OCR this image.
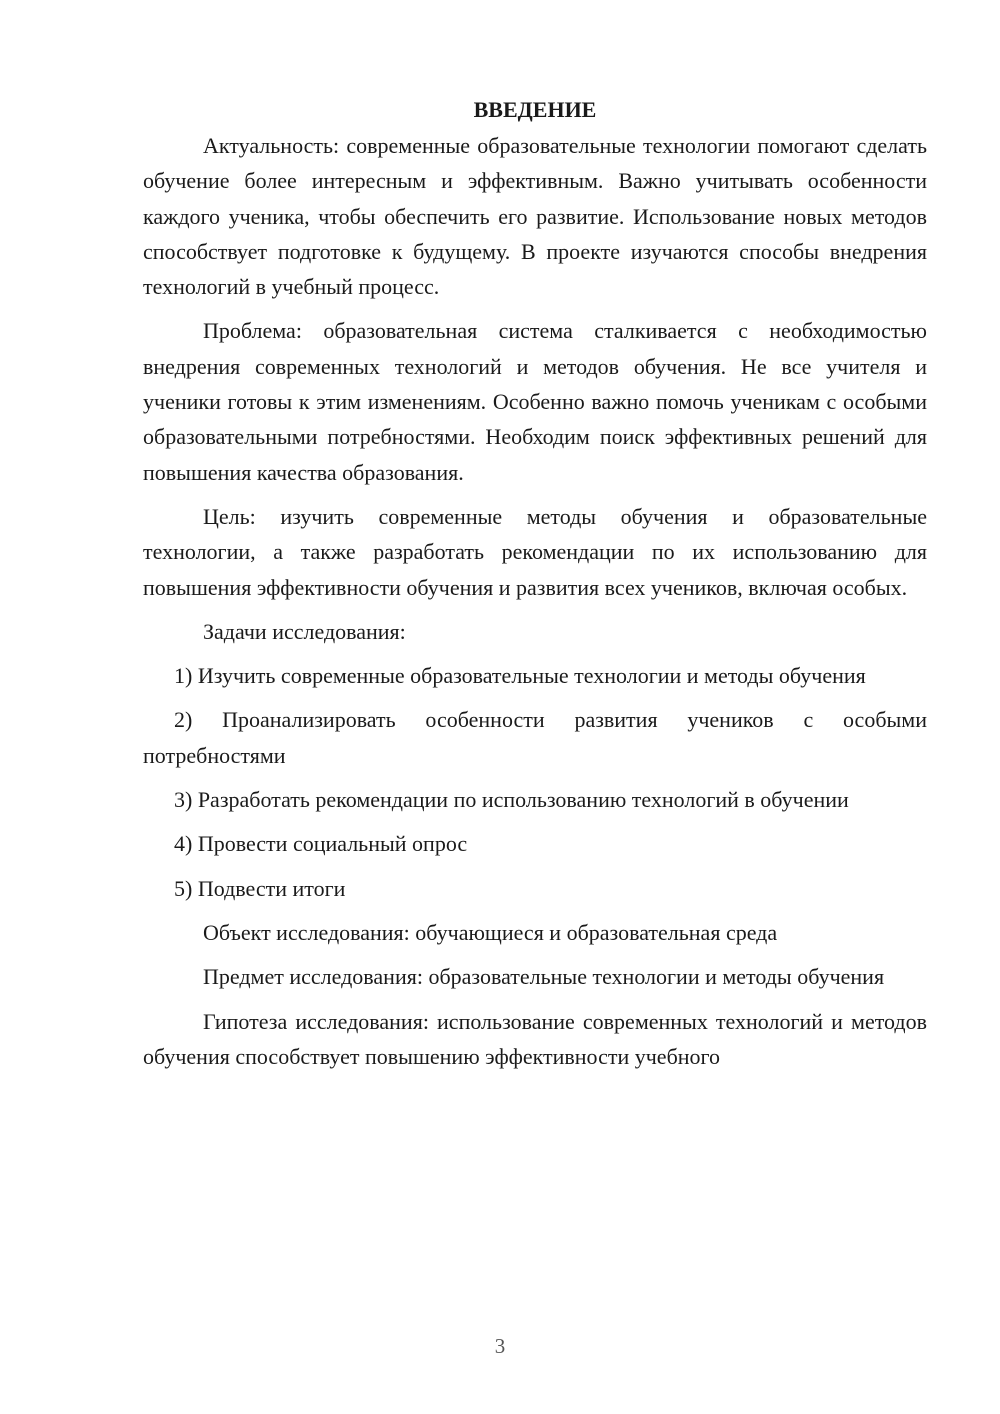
ВВЕДЕНИЕ

Актуальность: современные образовательные технологии помогают сделать обучение более интересным и эффективным. Важно учитывать особенности каждого ученика, чтобы обеспечить его развитие. Использование новых методов способствует подготовке к будущему. В проекте изучаются способы внедрения технологий в учебный процесс.

Проблема: образовательная система сталкивается с необходимостью внедрения современных технологий и методов обучения. Не все учителя и ученики готовы к этим изменениям. Особенно важно помочь ученикам с особыми образовательными потребностями. Необходим поиск эффективных решений для повышения качества образования.

Цель: изучить современные методы обучения и образовательные технологии, а также разработать рекомендации по их использованию для повышения эффективности обучения и развития всех учеников, включая особых.

Задачи исследования:

1) Изучить современные образовательные технологии и методы обучения

2) Проанализировать особенности развития учеников с особыми потребностями

3) Разработать рекомендации по использованию технологий в обучении

4) Провести социальный опрос

5) Подвести итоги

Объект исследования: обучающиеся и образовательная среда

Предмет исследования: образовательные технологии и методы обучения

Гипотеза исследования: использование современных технологий и методов обучения способствует повышению эффективности учебного

3
